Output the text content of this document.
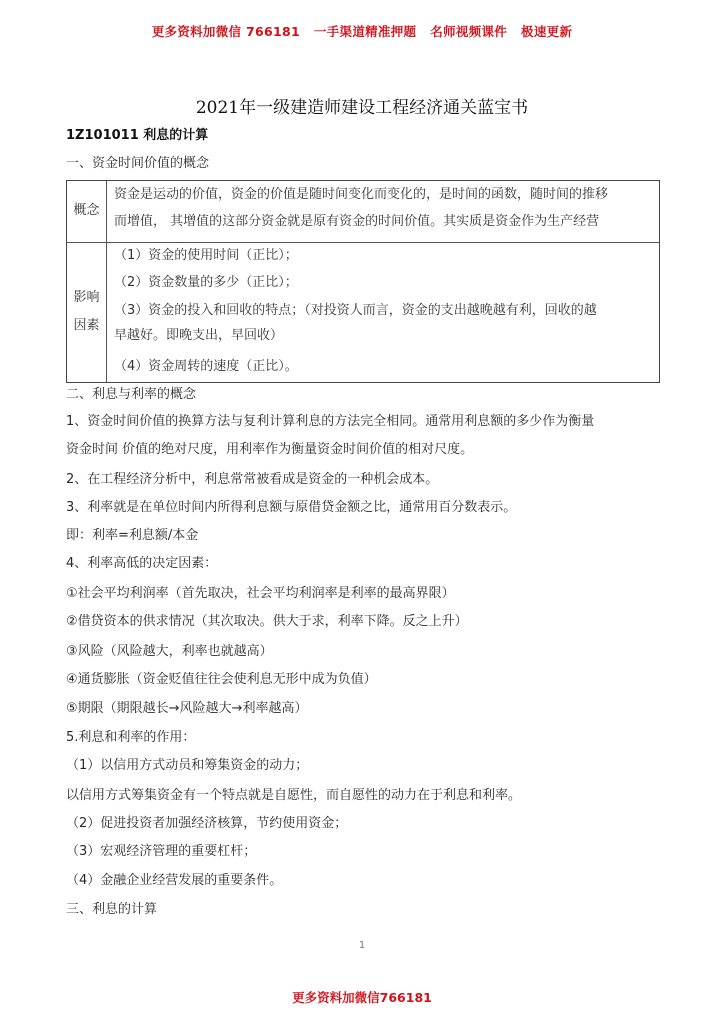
更多资料加微信 766181   一手渠道精准押题   名师视频课件   极速更新
2021年一级建造师建设工程经济通关蓝宝书
1Z101011 利息的计算
一、资金时间价值的概念
概念
资金是运动的价值，资金的价值是随时间变化而变化的，是时间的函数，随时间的推移
而增值， 其增值的这部分资金就是原有资金的时间价值。其实质是资金作为生产经营
影响
因素
（1）资金的使用时间（正比）；
（2）资金数量的多少（正比）；
（3）资金的投入和回收的特点；（对投资人而言，资金的支出越晚越有利，回收的越
早越好。即晚支出，早回收）
（4）资金周转的速度（正比）。
二、利息与利率的概念
1、资金时间价值的换算方法与复利计算利息的方法完全相同。通常用利息额的多少作为衡量
资金时间 价值的绝对尺度，用利率作为衡量资金时间价值的相对尺度。
2、在工程经济分析中，利息常常被看成是资金的一种机会成本。
3、利率就是在单位时间内所得利息额与原借贷金额之比，通常用百分数表示。
即：利率=利息额/本金
4、利率高低的决定因素：
①社会平均利润率（首先取决，社会平均利润率是利率的最高界限）
②借贷资本的供求情况（其次取决。供大于求，利率下降。反之上升）
③风险（风险越大，利率也就越高）
④通货膨胀（资金贬值往往会使利息无形中成为负值）
⑤期限（期限越长→风险越大→利率越高）
5.利息和利率的作用：
（1）以信用方式动员和筹集资金的动力；
以信用方式筹集资金有一个特点就是自愿性，而自愿性的动力在于利息和利率。
（2）促进投资者加强经济核算，节约使用资金；
（3）宏观经济管理的重要杠杆；
（4）金融企业经营发展的重要条件。
三、利息的计算
1
更多资料加微信766181
